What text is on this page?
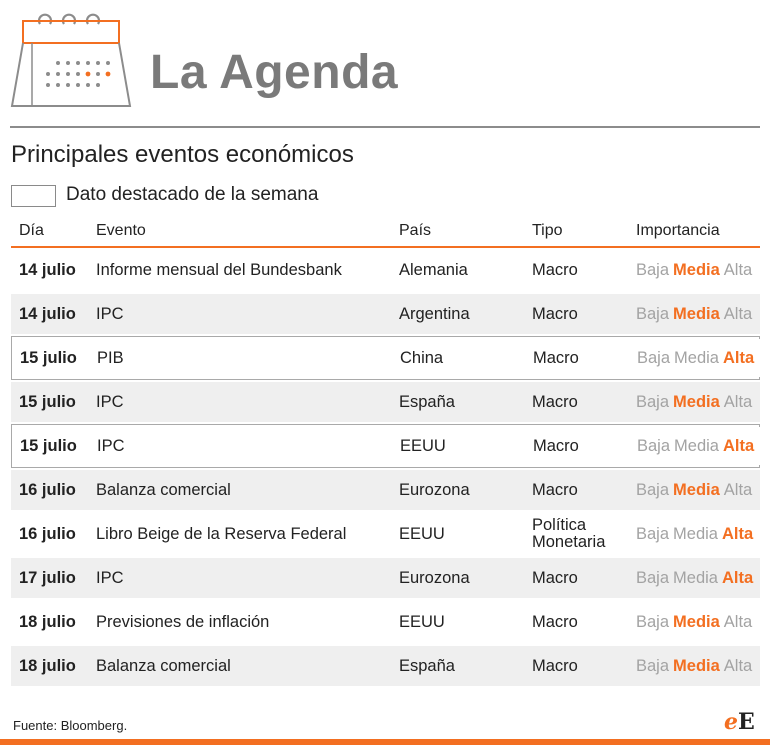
La Agenda
Principales eventos económicos
Dato destacado de la semana
Día	Evento	País	Tipo	Importancia
14 julio	Informe mensual del Bundesbank	Alemania	Macro	Baja Media Alta
14 julio	IPC	Argentina	Macro	Baja Media Alta
15 julio	PIB	China	Macro	Baja Media Alta
15 julio	IPC	España	Macro	Baja Media Alta
15 julio	IPC	EEUU	Macro	Baja Media Alta
16 julio	Balanza comercial	Eurozona	Macro	Baja Media Alta
16 julio	Libro Beige de la Reserva Federal	EEUU	Política Monetaria	Baja Media Alta
17 julio	IPC	Eurozona	Macro	Baja Media Alta
18 julio	Previsiones de inflación	EEUU	Macro	Baja Media Alta
18 julio	Balanza comercial	España	Macro	Baja Media Alta
Fuente: Bloomberg.	eE
